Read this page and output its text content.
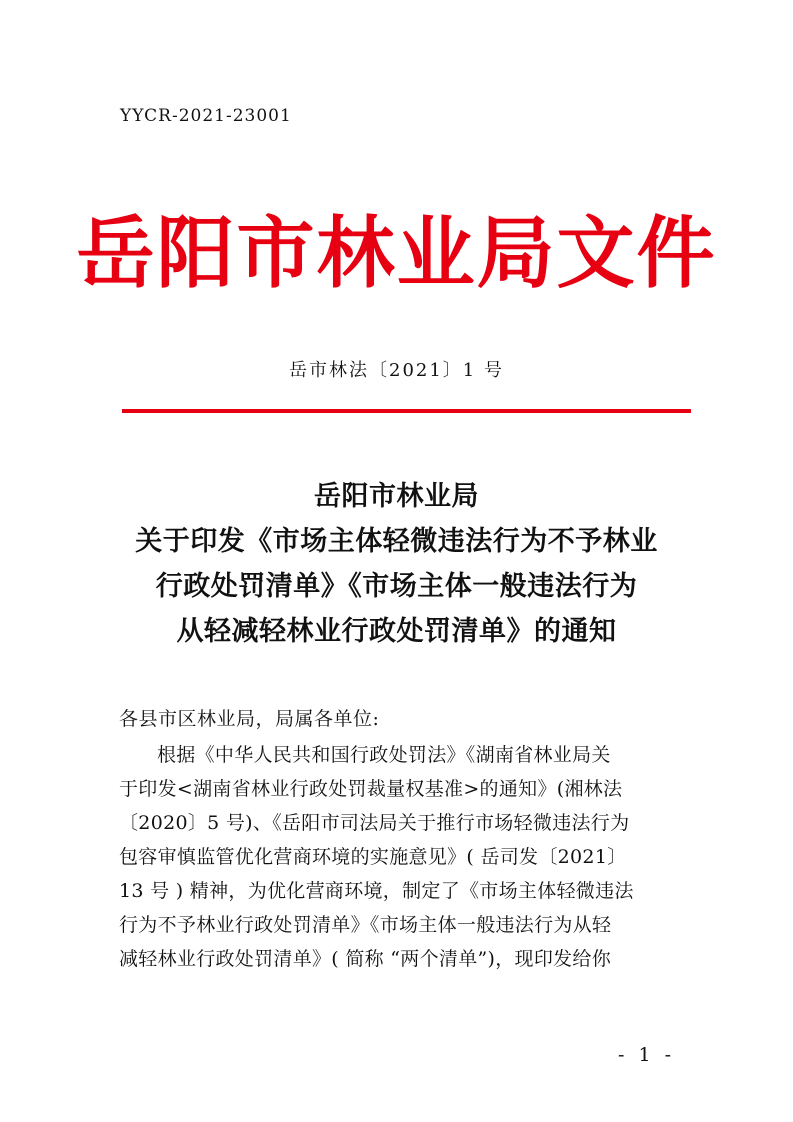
YYCR-2021-23001

岳阳市林业局文件

岳市林法〔2021〕1 号

岳阳市林业局
关于印发《市场主体轻微违法行为不予林业
行政处罚清单》《市场主体一般违法行为
从轻减轻林业行政处罚清单》的通知

各县市区林业局，局属各单位:

根据《中华人民共和国行政处罚法》《湖南省林业局关
于印发<湖南省林业行政处罚裁量权基准>的通知》(湘林法
〔2020〕5 号)、《岳阳市司法局关于推行市场轻微违法行为
包容审慎监管优化营商环境的实施意见》( 岳司发〔2021〕
13 号 ) 精神，为优化营商环境，制定了《市场主体轻微违法
行为不予林业行政处罚清单》《市场主体一般违法行为从轻
减轻林业行政处罚清单》( 简称 “两个清单”)，现印发给你

- 1 -
